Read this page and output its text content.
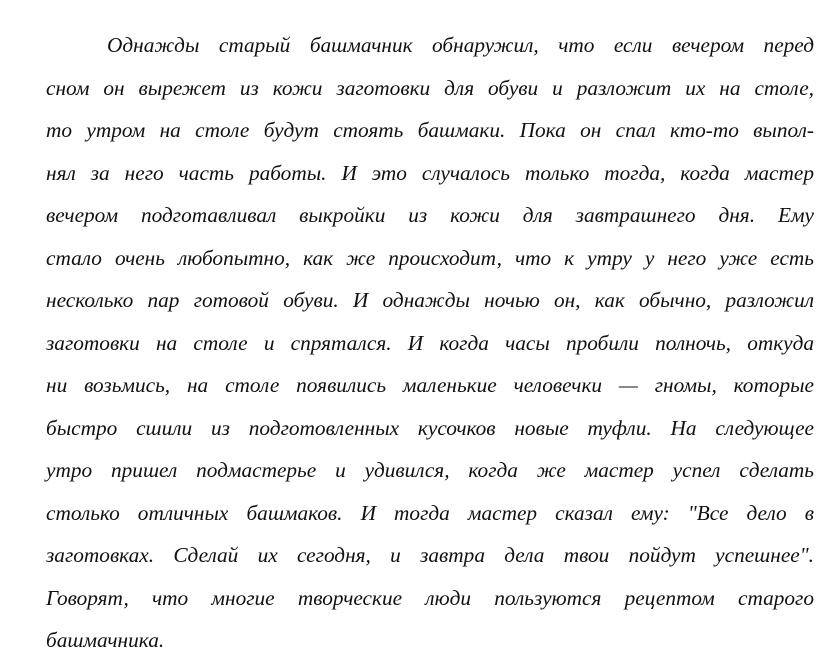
Однажды старый башмачник обнаружил, что если вечером перед
сном он вырежет из кожи заготовки для обуви и разложит их на столе,
то утром на столе будут стоять башмаки. Пока он спал кто-то выпол-
нял за него часть работы. И это случалось только тогда, когда мастер
вечером подготавливал выкройки из кожи для завтрашнего дня. Ему
стало очень любопытно, как же происходит, что к утру у него уже есть
несколько пар готовой обуви. И однажды ночью он, как обычно, разложил
заготовки на столе и спрятался. И когда часы пробили полночь, откуда
ни возьмись, на столе появились маленькие человечки — гномы, которые
быстро сшили из подготовленных кусочков новые туфли. На следующее
утро пришел подмастерье и удивился, когда же мастер успел сделать
столько отличных башмаков. И тогда мастер сказал ему: "Все дело в
заготовках. Сделай их сегодня, и завтра дела твои пойдут успешнее".
Говорят, что многие творческие люди пользуются рецептом старого
башмачника.
